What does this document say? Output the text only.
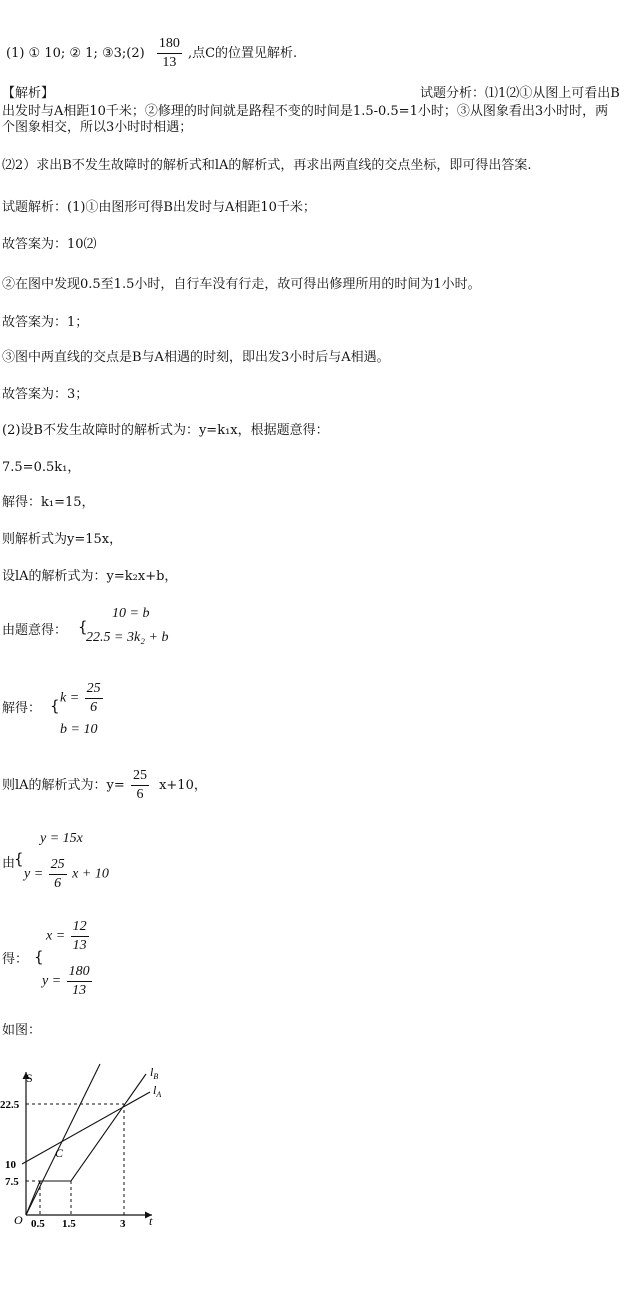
(1) ① 10; ② 1; ③3;(2) $\frac{180}{13}$ ,点C的位置见解析.
【解析】	试题分析：⑴1⑵①从图上可看出B
出发时与A相距10千米；②修理的时间就是路程不变的时间是1.5-0.5=1小时；③从图象看出3小时时，两
个图象相交，所以3小时时相遇；
⑵2）求出B不发生故障时的解析式和lA的解析式，再求出两直线的交点坐标，即可得出答案.
试题解析：(1)①由图形可得B出发时与A相距10千米；
故答案为：10⑵
②在图中发现0.5至1.5小时，自行车没有行走，故可得出修理所用的时间为1小时。
故答案为：1；
③图中两直线的交点是B与A相遇的时刻，即出发3小时后与A相遇。
故答案为：3；
(2)设B不发生故障时的解析式为：y=k₁x，根据题意得：
7.5=0.5k₁，
解得：k₁=15，
则解析式为y=15x，
设lA的解析式为：y=k₂x+b，
由题意得： {
10 = b
22.5 = 3k₂ + b
解得： { $k = \frac{25}{6}$
b = 10
则lA的解析式为：$y= \frac{25}{6} x+10$，
由
{
y = 15x
$y = \frac{25}{6}$ x + 10
得： {
$x = \frac{12}{13}$
$y = \frac{180}{13}$
如图：
S
t
O
22.5
10
7.5
0.5 1.5	3
$l_B$
$l_A$
C
